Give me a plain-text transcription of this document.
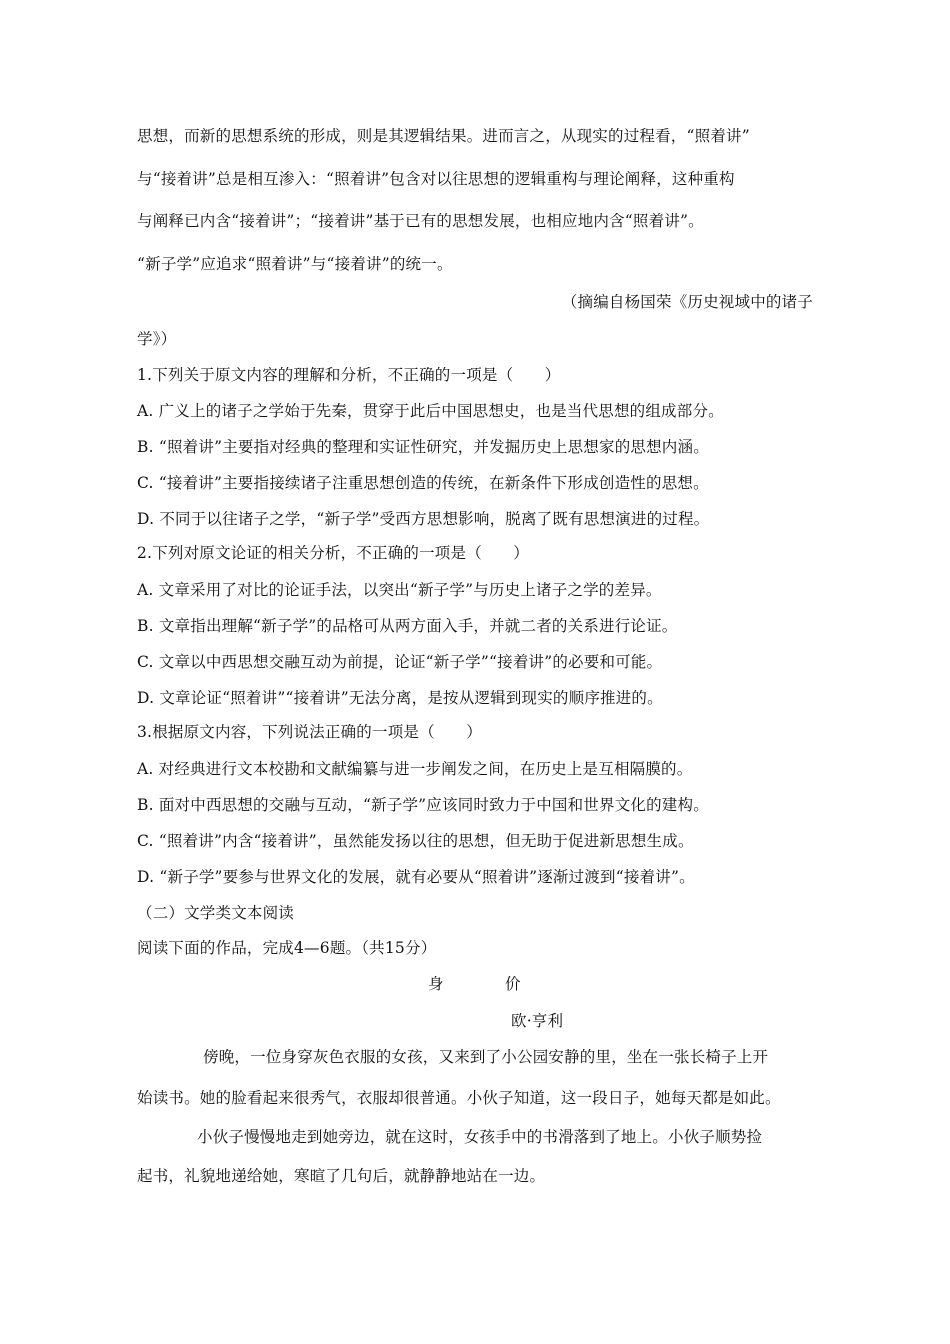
思想，而新的思想系统的形成，则是其逻辑结果。进而言之，从现实的过程看，“照着讲”
与“接着讲”总是相互渗入：“照着讲”包含对以往思想的逻辑重构与理论阐释，这种重构
与阐释已内含“接着讲”；“接着讲”基于已有的思想发展，也相应地内含“照着讲”。
“新子学”应追求“照着讲”与“接着讲”的统一。
（摘编自杨国荣《历史视域中的诸子
学》）
1.下列关于原文内容的理解和分析，不正确的一项是（　　）
A. 广义上的诸子之学始于先秦，贯穿于此后中国思想史，也是当代思想的组成部分。
B. “照着讲”主要指对经典的整理和实证性研究，并发掘历史上思想家的思想内涵。
C. “接着讲”主要指接续诸子注重思想创造的传统，在新条件下形成创造性的思想。
D. 不同于以往诸子之学，“新子学”受西方思想影响，脱离了既有思想演进的过程。
2.下列对原文论证的相关分析，不正确的一项是（　　）
A. 文章采用了对比的论证手法，以突出“新子学”与历史上诸子之学的差异。
B. 文章指出理解“新子学”的品格可从两方面入手，并就二者的关系进行论证。
C. 文章以中西思想交融互动为前提，论证“新子学”“接着讲”的必要和可能。
D. 文章论证“照着讲”“接着讲”无法分离，是按从逻辑到现实的顺序推进的。
3.根据原文内容，下列说法正确的一项是（　　）
A. 对经典进行文本校勘和文献编纂与进一步阐发之间，在历史上是互相隔膜的。
B. 面对中西思想的交融与互动，“新子学”应该同时致力于中国和世界文化的建构。
C. “照着讲”内含“接着讲”，虽然能发扬以往的思想，但无助于促进新思想生成。
D. “新子学”要参与世界文化的发展，就有必要从“照着讲”逐渐过渡到“接着讲”。
（二）文学类文本阅读
阅读下面的作品，完成4—6题。（共15分）
身	价
欧·亨利
傍晚，一位身穿灰色衣服的女孩，又来到了小公园安静的里，坐在一张长椅子上开
始读书。她的脸看起来很秀气，衣服却很普通。小伙子知道，这一段日子，她每天都是如此。
小伙子慢慢地走到她旁边，就在这时，女孩手中的书滑落到了地上。小伙子顺势捡
起书，礼貌地递给她，寒暄了几句后，就静静地站在一边。
